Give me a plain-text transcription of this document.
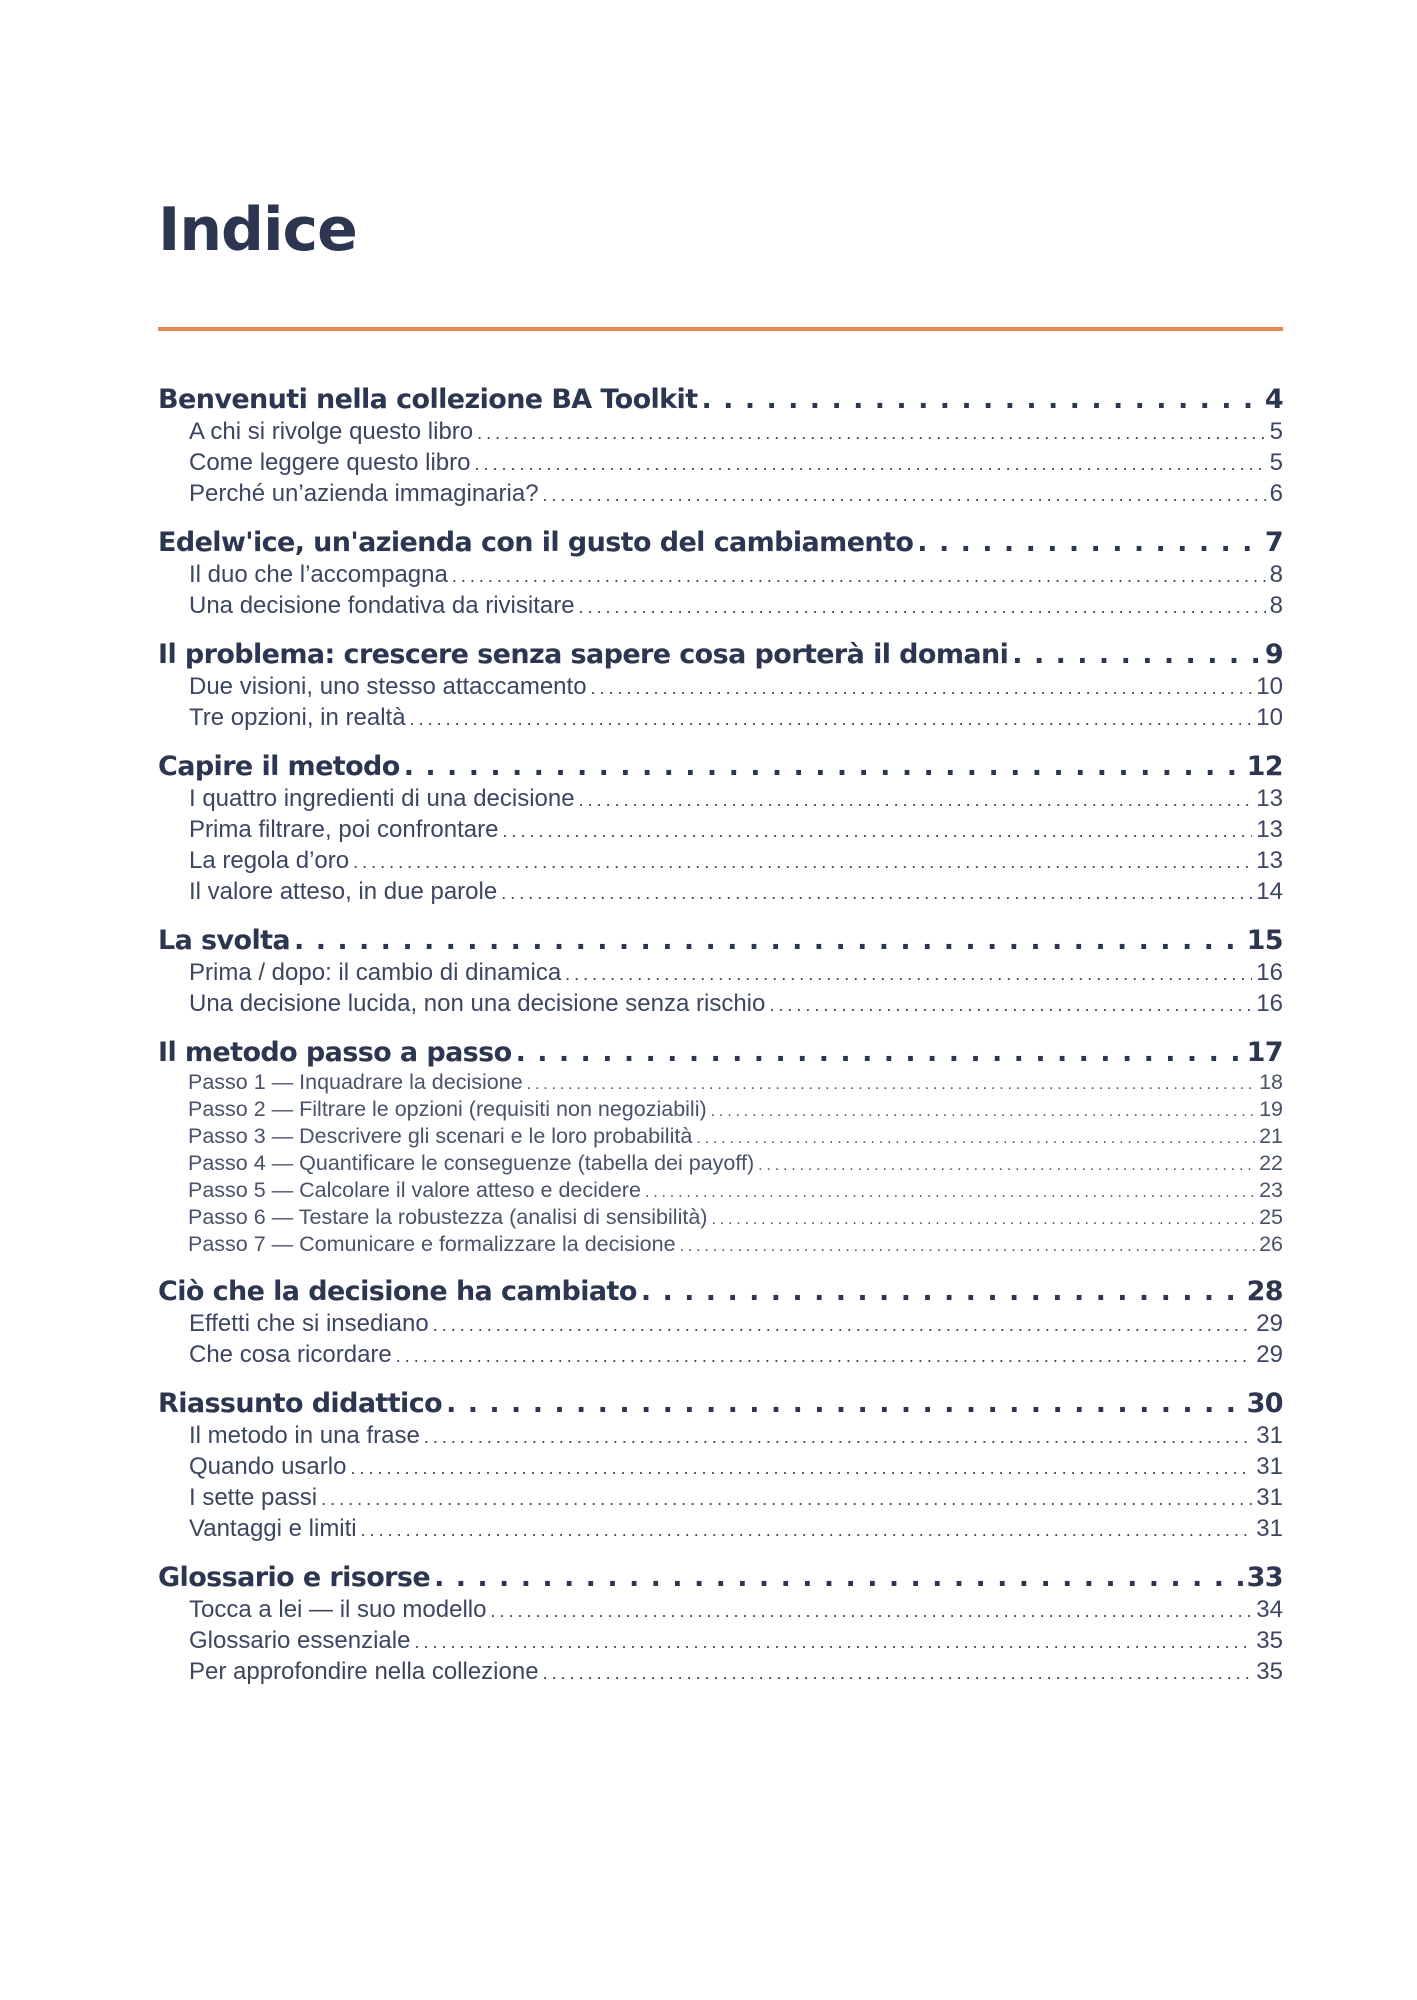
Indice
Benvenuti nella collezione BA Toolkit . . .	4
A chi si rivolge questo libro . . .	5
Come leggere questo libro . . .	5
Perché un’azienda immaginaria? . . .	6
Edelw'ice, un'azienda con il gusto del cambiamento . . .	7
Il duo che l’accompagna . . .	8
Una decisione fondativa da rivisitare . . .	8
Il problema: crescere senza sapere cosa porterà il domani . . .	9
Due visioni, uno stesso attaccamento . . .	10
Tre opzioni, in realtà . . .	10
Capire il metodo . . .	12
I quattro ingredienti di una decisione . . .	13
Prima filtrare, poi confrontare . . .	13
La regola d’oro . . .	13
Il valore atteso, in due parole . . .	14
La svolta . . .	15
Prima / dopo: il cambio di dinamica . . .	16
Una decisione lucida, non una decisione senza rischio . . .	16
Il metodo passo a passo . . .	17
Passo 1 — Inquadrare la decisione . . .	18
Passo 2 — Filtrare le opzioni (requisiti non negoziabili) . . .	19
Passo 3 — Descrivere gli scenari e le loro probabilità . . .	21
Passo 4 — Quantificare le conseguenze (tabella dei payoff) . . .	22
Passo 5 — Calcolare il valore atteso e decidere . . .	23
Passo 6 — Testare la robustezza (analisi di sensibilità) . . .	25
Passo 7 — Comunicare e formalizzare la decisione . . .	26
Ciò che la decisione ha cambiato . . .	28
Effetti che si insediano . . .	29
Che cosa ricordare . . .	29
Riassunto didattico . . .	30
Il metodo in una frase . . .	31
Quando usarlo . . .	31
I sette passi . . .	31
Vantaggi e limiti . . .	31
Glossario e risorse . . .	33
Tocca a lei — il suo modello . . .	34
Glossario essenziale . . .	35
Per approfondire nella collezione . . .	35
